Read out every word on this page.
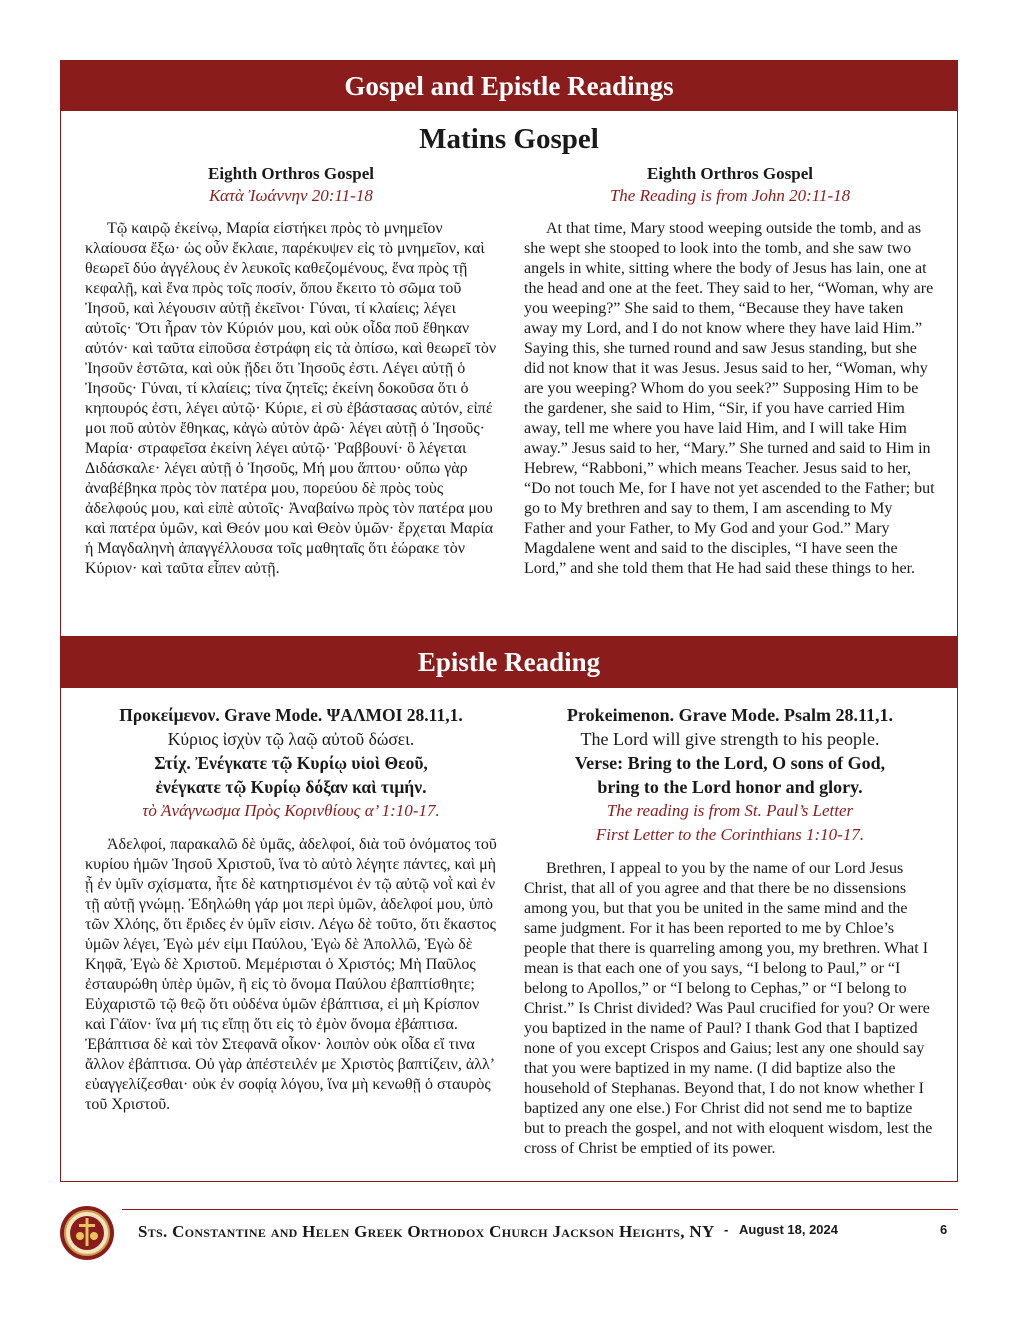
Gospel and Epistle Readings
Matins Gospel
Eighth Orthros Gospel
Κατὰ Ἰωάννην 20:11-18

Τῷ καιρῷ ἐκείνῳ, Μαρία εἱστήκει πρὸς τὸ μνημεῖον κλαίουσα ἔξω· ὡς οὖν ἔκλαιε, παρέκυψεν εἰς τὸ μνημεῖον, καὶ θεωρεῖ δύο ἀγγέλους ἐν λευκοῖς καθεζομένους, ἕνα πρὸς τῇ κεφαλῇ, καὶ ἕνα πρὸς τοῖς ποσίν, ὅπου ἔκειτο τὸ σῶμα τοῦ Ἰησοῦ, καὶ λέγουσιν αὐτῇ ἐκεῖνοι· Γύναι, τί κλαίεις; λέγει αὐτοῖς· Ὅτι ἦραν τὸν Κύριόν μου, καὶ οὐκ οἶδα ποῦ ἔθηκαν αὐτόν· καὶ ταῦτα εἰποῦσα ἐστράφη εἰς τὰ ὀπίσω, καὶ θεωρεῖ τὸν Ἰησοῦν ἑστῶτα, καὶ οὐκ ᾔδει ὅτι Ἰησοῦς ἐστι. Λέγει αὐτῇ ὁ Ἰησοῦς· Γύναι, τί κλαίεις; τίνα ζητεῖς; ἐκείνη δοκοῦσα ὅτι ὁ κηπουρός ἐστι, λέγει αὐτῷ· Κύριε, εἰ σὺ ἐβάστασας αὐτόν, εἰπέ μοι ποῦ αὐτὸν ἔθηκας, κἀγὼ αὐτὸν ἀρῶ· λέγει αὐτῇ ὁ Ἰησοῦς· Μαρία· στραφεῖσα ἐκείνη λέγει αὐτῷ· Ῥαββουνί· ὃ λέγεται Διδάσκαλε· λέγει αὐτῇ ὁ Ἰησοῦς, Μή μου ἅπτου· οὔπω γὰρ ἀναβέβηκα πρὸς τὸν πατέρα μου, πορεύου δὲ πρὸς τοὺς ἀδελφούς μου, καὶ εἰπὲ αὐτοῖς· Ἀναβαίνω πρὸς τὸν πατέρα μου καὶ πατέρα ὑμῶν, καὶ Θεόν μου καὶ Θεὸν ὑμῶν· ἔρχεται Μαρία ἡ Μαγδαληνὴ ἀπαγγέλλουσα τοῖς μαθηταῖς ὅτι ἑώρακε τὸν Κύριον· καὶ ταῦτα εἶπεν αὐτῇ.

Eighth Orthros Gospel
The Reading is from John 20:11-18

At that time, Mary stood weeping outside the tomb, and as she wept she stooped to look into the tomb, and she saw two angels in white, sitting where the body of Jesus has lain, one at the head and one at the feet. They said to her, “Woman, why are you weeping?” She said to them, “Because they have taken away my Lord, and I do not know where they have laid Him.” Saying this, she turned round and saw Jesus standing, but she did not know that it was Jesus. Jesus said to her, “Woman, why are you weeping? Whom do you seek?” Supposing Him to be the gardener, she said to Him, “Sir, if you have carried Him away, tell me where you have laid Him, and I will take Him away.” Jesus said to her, “Mary.” She turned and said to Him in Hebrew, “Rabboni,” which means Teacher. Jesus said to her, “Do not touch Me, for I have not yet ascended to the Father; but go to My brethren and say to them, I am ascending to My Father and your Father, to My God and your God.” Mary Magdalene went and said to the disciples, “I have seen the Lord,” and she told them that He had said these things to her.

Epistle Reading
Προκείμενον. Grave Mode. ΨΑΛΜΟΙ 28.11,1.
Κύριος ἰσχὺν τῷ λαῷ αὐτοῦ δώσει.
Στίχ. Ἐνέγκατε τῷ Κυρίῳ υἱοὶ Θεοῦ,
ἐνέγκατε τῷ Κυρίῳ δόξαν καὶ τιμήν.
τὸ Ἀνάγνωσμα Πρὸς Κορινθίους α’ 1:10-17.

Ἀδελφοί, παρακαλῶ δὲ ὑμᾶς, ἀδελφοί, διὰ τοῦ ὀνόματος τοῦ κυρίου ἡμῶν Ἰησοῦ Χριστοῦ, ἵνα τὸ αὐτὸ λέγητε πάντες, καὶ μὴ ᾖ ἐν ὑμῖν σχίσματα, ἦτε δὲ κατηρτισμένοι ἐν τῷ αὐτῷ νοῒ καὶ ἐν τῇ αὐτῇ γνώμῃ. Ἐδηλώθη γάρ μοι περὶ ὑμῶν, ἀδελφοί μου, ὑπὸ τῶν Χλόης, ὅτι ἔριδες ἐν ὑμῖν εἰσιν. Λέγω δὲ τοῦτο, ὅτι ἕκαστος ὑμῶν λέγει, Ἐγὼ μέν εἰμι Παύλου, Ἐγὼ δὲ Ἀπολλῶ, Ἐγὼ δὲ Κηφᾶ, Ἐγὼ δὲ Χριστοῦ. Μεμέρισται ὁ Χριστός; Μὴ Παῦλος ἐσταυρώθη ὑπὲρ ὑμῶν, ἢ εἰς τὸ ὄνομα Παύλου ἐβαπτίσθητε; Εὐχαριστῶ τῷ θεῷ ὅτι οὐδένα ὑμῶν ἐβάπτισα, εἰ μὴ Κρίσπον καὶ Γάϊον· ἵνα μή τις εἴπῃ ὅτι εἰς τὸ ἐμὸν ὄνομα ἐβάπτισα. Ἐβάπτισα δὲ καὶ τὸν Στεφανᾶ οἶκον· λοιπὸν οὐκ οἶδα εἴ τινα ἄλλον ἐβάπτισα. Οὐ γὰρ ἀπέστειλέν με Χριστὸς βαπτίζειν, ἀλλ’ εὐαγγελίζεσθαι· οὐκ ἐν σοφίᾳ λόγου, ἵνα μὴ κενωθῇ ὁ σταυρὸς τοῦ Χριστοῦ.

Prokeimenon. Grave Mode. Psalm 28.11,1.
The Lord will give strength to his people.
Verse: Bring to the Lord, O sons of God,
bring to the Lord honor and glory.
The reading is from St. Paul’s Letter
First Letter to the Corinthians 1:10-17.

Brethren, I appeal to you by the name of our Lord Jesus Christ, that all of you agree and that there be no dissensions among you, but that you be united in the same mind and the same judgment. For it has been reported to me by Chloe’s people that there is quarreling among you, my brethren. What I mean is that each one of you says, “I belong to Paul,” or “I belong to Apollos,” or “I belong to Cephas,” or “I belong to Christ.” Is Christ divided? Was Paul crucified for you? Or were you baptized in the name of Paul? I thank God that I baptized none of you except Crispos and Gaius; lest any one should say that you were baptized in my name. (I did baptize also the household of Stephanas. Beyond that, I do not know whether I baptized any one else.) For Christ did not send me to baptize but to preach the gospel, and not with eloquent wisdom, lest the cross of Christ be emptied of its power.

Sts. Constantine and Helen Greek Orthodox Church Jackson Heights, NY - August 18, 2024	6
